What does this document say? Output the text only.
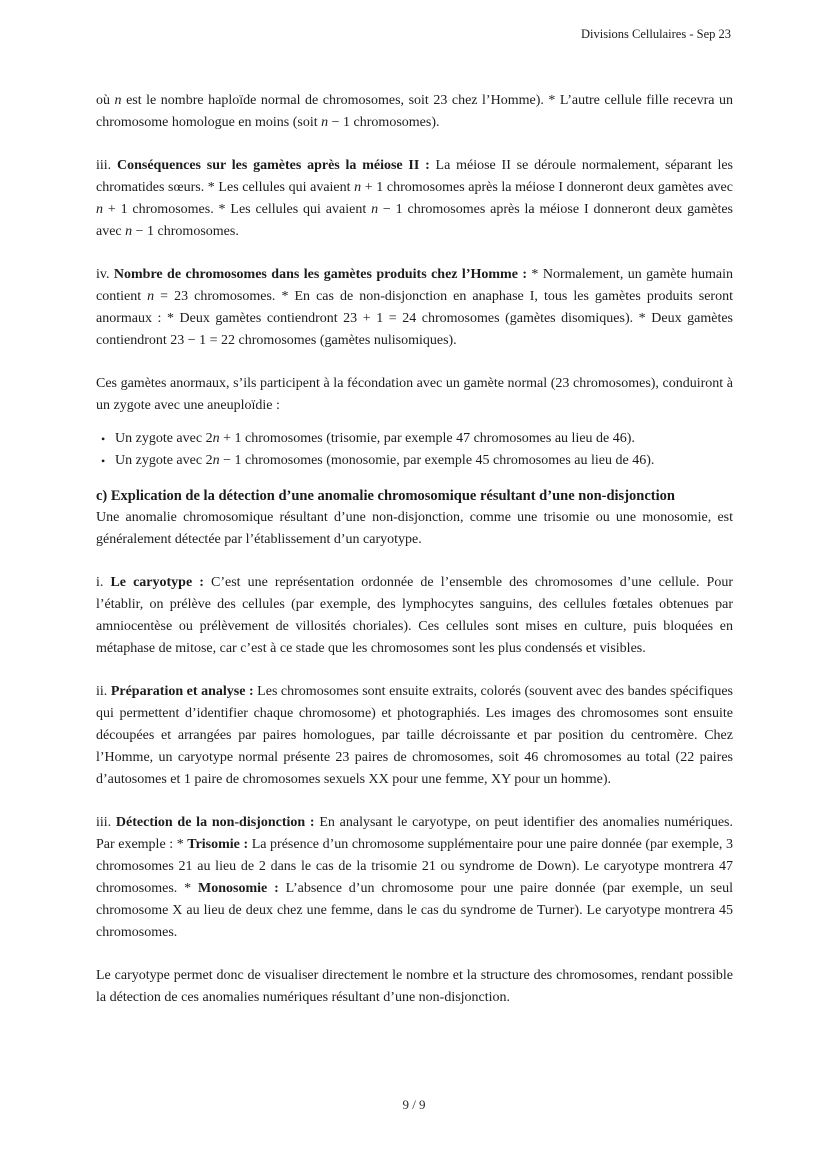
Divisions Cellulaires - Sep 23

où n est le nombre haploïde normal de chromosomes, soit 23 chez l’Homme). * L’autre cellule fille recevra un chromosome homologue en moins (soit n − 1 chromosomes).

iii. Conséquences sur les gamètes après la méiose II : La méiose II se déroule normalement, séparant les chromatides sœurs. * Les cellules qui avaient n + 1 chromosomes après la méiose I donneront deux gamètes avec n + 1 chromosomes. * Les cellules qui avaient n − 1 chromosomes après la méiose I donneront deux gamètes avec n − 1 chromosomes.

iv. Nombre de chromosomes dans les gamètes produits chez l’Homme : * Normalement, un gamète humain contient n = 23 chromosomes. * En cas de non-disjonction en anaphase I, tous les gamètes produits seront anormaux : * Deux gamètes contiendront 23 + 1 = 24 chromosomes (gamètes disomiques). * Deux gamètes contiendront 23 − 1 = 22 chromosomes (gamètes nulisomiques).

Ces gamètes anormaux, s’ils participent à la fécondation avec un gamète normal (23 chromosomes), conduiront à un zygote avec une aneuploïdie :

• Un zygote avec 2n + 1 chromosomes (trisomie, par exemple 47 chromosomes au lieu de 46).
• Un zygote avec 2n − 1 chromosomes (monosomie, par exemple 45 chromosomes au lieu de 46).

c) Explication de la détection d’une anomalie chromosomique résultant d’une non-disjonction

Une anomalie chromosomique résultant d’une non-disjonction, comme une trisomie ou une monosomie, est généralement détectée par l’établissement d’un caryotype.

i. Le caryotype : C’est une représentation ordonnée de l’ensemble des chromosomes d’une cellule. Pour l’établir, on prélève des cellules (par exemple, des lymphocytes sanguins, des cellules fœtales obtenues par amniocentèse ou prélèvement de villosités choriales). Ces cellules sont mises en culture, puis bloquées en métaphase de mitose, car c’est à ce stade que les chromosomes sont les plus condensés et visibles.

ii. Préparation et analyse : Les chromosomes sont ensuite extraits, colorés (souvent avec des bandes spécifiques qui permettent d’identifier chaque chromosome) et photographiés. Les images des chromosomes sont ensuite découpées et arrangées par paires homologues, par taille décroissante et par position du centromère. Chez l’Homme, un caryotype normal présente 23 paires de chromosomes, soit 46 chromosomes au total (22 paires d’autosomes et 1 paire de chromosomes sexuels XX pour une femme, XY pour un homme).

iii. Détection de la non-disjonction : En analysant le caryotype, on peut identifier des anomalies numériques. Par exemple : * Trisomie : La présence d’un chromosome supplémentaire pour une paire donnée (par exemple, 3 chromosomes 21 au lieu de 2 dans le cas de la trisomie 21 ou syndrome de Down). Le caryotype montrera 47 chromosomes. * Monosomie : L’absence d’un chromosome pour une paire donnée (par exemple, un seul chromosome X au lieu de deux chez une femme, dans le cas du syndrome de Turner). Le caryotype montrera 45 chromosomes.

Le caryotype permet donc de visualiser directement le nombre et la structure des chromosomes, rendant possible la détection de ces anomalies numériques résultant d’une non-disjonction.

9 / 9
